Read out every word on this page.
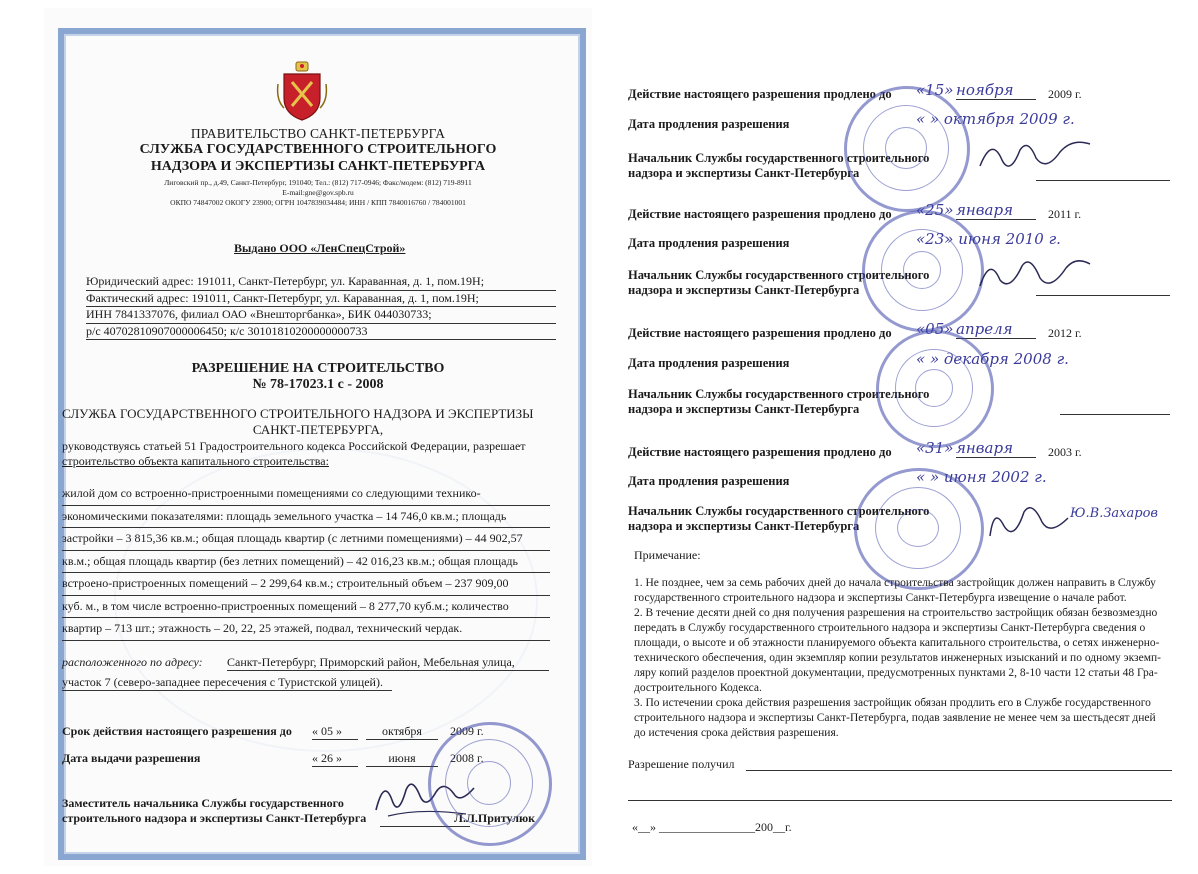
ПРАВИТЕЛЬСТВО САНКТ-ПЕТЕРБУРГА
СЛУЖБА ГОСУДАРСТВЕННОГО СТРОИТЕЛЬНОГО
НАДЗОРА И ЭКСПЕРТИЗЫ САНКТ-ПЕТЕРБУРГА
Лиговский пр., д.49, Санкт-Петербург, 191040; Тел.: (812) 717-0946; Факс/модем: (812) 719-8911
E-mail:gne@gov.spb.ru
ОКПО 74847002 ОКОГУ 23900; ОГРН 1047839034484; ИНН / КПП 7840016760 / 784001001
Выдано ООО «ЛенСпецСтрой»
Юридический адрес: 191011, Санкт-Петербург, ул. Караванная, д. 1, пом.19Н;
Фактический адрес: 191011, Санкт-Петербург, ул. Караванная, д. 1, пом.19Н;
ИНН 7841337076, филиал ОАО «Внешторгбанка», БИК 044030733;
р/с 40702810907000006450; к/с 30101810200000000733
РАЗРЕШЕНИЕ НА СТРОИТЕЛЬСТВО
№ 78-17023.1 с - 2008
СЛУЖБА ГОСУДАРСТВЕННОГО СТРОИТЕЛЬНОГО НАДЗОРА И ЭКСПЕРТИЗЫ
САНКТ-ПЕТЕРБУРГА,
руководствуясь статьей 51 Градостроительного кодекса Российской Федерации, разрешает
строительство объекта капитального строительства:
жилой дом со встроенно-пристроенными помещениями со следующими технико-
экономическими показателями: площадь земельного участка – 14 746,0 кв.м.; площадь
застройки – 3 815,36 кв.м.; общая площадь квартир (с летними помещениями) – 44 902,57
кв.м.; общая площадь квартир (без летних помещений) – 42 016,23 кв.м.; общая площадь
встроено-пристроенных помещений – 2 299,64 кв.м.; строительный объем – 237 909,00
куб. м., в том числе встроенно-пристроенных помещений – 8 277,70 куб.м.; количество
квартир – 713 шт.; этажность – 20, 22, 25 этажей, подвал, технический чердак.
расположенного по адресу: Санкт-Петербург, Приморский район, Мебельная улица,
участок 7 (северо-западнее пересечения с Туристской улицей).
Срок действия настоящего разрешения до « 05 »	октября	2009 г.
Дата выдачи разрешения	« 26 »	июня	2008 г.
Заместитель начальника Службы государственного
строительного надзора и экспертизы Санкт-Петербурга	Л.Л.Притулюк
Действие настоящего разрешения продлено до «15» ноября	2009 г.
Дата продления разрешения	« » октября 2009 г.
Начальник Службы государственного строительного
надзора и экспертизы Санкт-Петербурга
Действие настоящего разрешения продлено до «25» января	2011 г.
Дата продления разрешения	«23» июня 2010 г.
Начальник Службы государственного строительного
надзора и экспертизы Санкт-Петербурга
Действие настоящего разрешения продлено до «05» апреля	2012 г.
Дата продления разрешения	« » декабря 2008 г.
Начальник Службы государственного строительного
надзора и экспертизы Санкт-Петербурга
Действие настоящего разрешения продлено до «31» января	2003 г.
Дата продления разрешения	« » июня 2002 г.
Начальник Службы государственного строительного
надзора и экспертизы Санкт-Петербурга
Ю.В.Захаров
Примечание:
1. Не позднее, чем за семь рабочих дней до начала строительства застройщик должен направить в Службу
государственного строительного надзора и экспертизы Санкт-Петербурга извещение о начале работ.
2. В течение десяти дней со дня получения разрешения на строительство застройщик обязан безвозмездно
передать в Службу государственного строительного надзора и экспертизы Санкт-Петербурга сведения о
площади, о высоте и об этажности планируемого объекта капитального строительства, о сетях инженерно-
технического обеспечения, один экземпляр копии результатов инженерных изысканий и по одному экземп-
ляру копий разделов проектной документации, предусмотренных пунктами 2, 8-10 части 12 статьи 48 Гра-
достроительного Кодекса.
3. По истечении срока действия разрешения застройщик обязан продлить его в Службе государственного
строительного надзора и экспертизы Санкт-Петербурга, подав заявление не менее чем за шестьдесят дней
до истечения срока действия разрешения.
Разрешение получил
«__» ________________200__г.
